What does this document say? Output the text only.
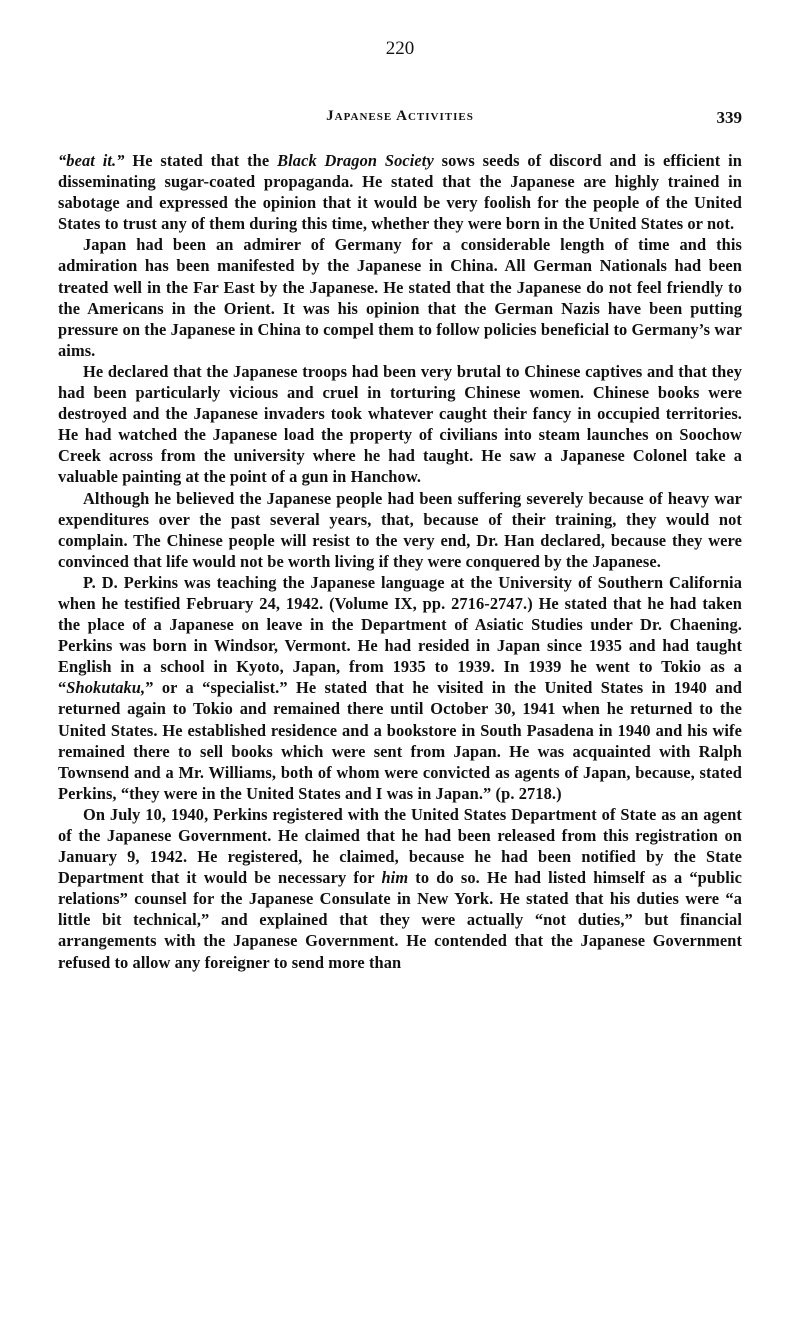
220
Japanese Activities	339

“beat it.” He stated that the Black Dragon Society sows seeds of discord and is efficient in disseminating sugar-coated propaganda. He stated that the Japanese are highly trained in sabotage and expressed the opinion that it would be very foolish for the people of the United States to trust any of them during this time, whether they were born in the United States or not.

Japan had been an admirer of Germany for a considerable length of time and this admiration has been manifested by the Japanese in China. All German Nationals had been treated well in the Far East by the Japanese. He stated that the Japanese do not feel friendly to the Americans in the Orient. It was his opinion that the German Nazis have been putting pressure on the Japanese in China to compel them to follow policies beneficial to Germany’s war aims.

He declared that the Japanese troops had been very brutal to Chinese captives and that they had been particularly vicious and cruel in torturing Chinese women. Chinese books were destroyed and the Japanese invaders took whatever caught their fancy in occupied territories. He had watched the Japanese load the property of civilians into steam launches on Soochow Creek across from the university where he had taught. He saw a Japanese Colonel take a valuable painting at the point of a gun in Hanchow.

Although he believed the Japanese people had been suffering severely because of heavy war expenditures over the past several years, that, because of their training, they would not complain. The Chinese people will resist to the very end, Dr. Han declared, because they were convinced that life would not be worth living if they were conquered by the Japanese.

P. D. Perkins was teaching the Japanese language at the University of Southern California when he testified February 24, 1942. (Volume IX, pp. 2716-2747.) He stated that he had taken the place of a Japanese on leave in the Department of Asiatic Studies under Dr. Chaening. Perkins was born in Windsor, Vermont. He had resided in Japan since 1935 and had taught English in a school in Kyoto, Japan, from 1935 to 1939. In 1939 he went to Tokio as a “Shokutaku,” or a “specialist.” He stated that he visited in the United States in 1940 and returned again to Tokio and remained there until October 30, 1941 when he returned to the United States. He established residence and a bookstore in South Pasadena in 1940 and his wife remained there to sell books which were sent from Japan. He was acquainted with Ralph Townsend and a Mr. Williams, both of whom were convicted as agents of Japan, because, stated Perkins, “they were in the United States and I was in Japan.” (p. 2718.)

On July 10, 1940, Perkins registered with the United States Department of State as an agent of the Japanese Government. He claimed that he had been released from this registration on January 9, 1942. He registered, he claimed, because he had been notified by the State Department that it would be necessary for him to do so. He had listed himself as a “public relations” counsel for the Japanese Consulate in New York. He stated that his duties were “a little bit technical,” and explained that they were actually “not duties,” but financial arrangements with the Japanese Government. He contended that the Japanese Government refused to allow any foreigner to send more than
